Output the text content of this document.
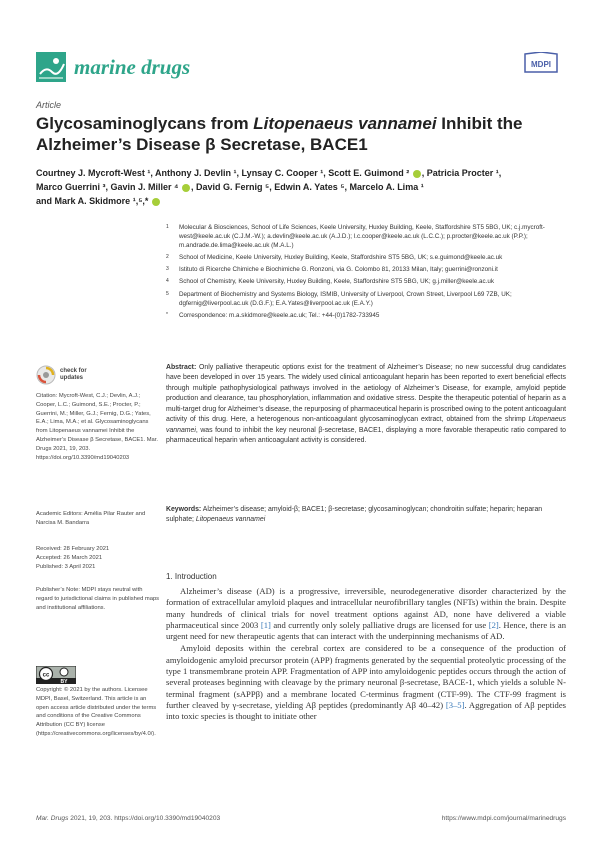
marine drugs	MDPI
Article
Glycosaminoglycans from Litopenaeus vannamei Inhibit the Alzheimer’s Disease β Secretase, BACE1
Courtney J. Mycroft-West ¹, Anthony J. Devlin ¹, Lynsay C. Cooper ¹, Scott E. Guimond ² , Patricia Procter ¹,
Marco Guerrini ³, Gavin J. Miller ⁴ , David G. Fernig ⁵, Edwin A. Yates ⁵, Marcelo A. Lima ¹
and Mark A. Skidmore ¹,⁵,*
1	Molecular & Biosciences, School of Life Sciences, Keele University, Huxley Building, Keele, Staffordshire ST5 5BG, UK; c.j.mycroft-west@keele.ac.uk (C.J.M.-W.); a.devlin@keele.ac.uk (A.J.D.); l.c.cooper@keele.ac.uk (L.C.C.); p.procter@keele.ac.uk (P.P.); m.andrade.de.lima@keele.ac.uk (M.A.L.)
2	School of Medicine, Keele University, Huxley Building, Keele, Staffordshire ST5 5BG, UK; s.e.guimond@keele.ac.uk
3	Istituto di Ricerche Chimiche e Biochimiche G. Ronzoni, via G. Colombo 81, 20133 Milan, Italy; guerrini@ronzoni.it
4	School of Chemistry, Keele University, Huxley Building, Keele, Staffordshire ST5 5BG, UK; g.j.miller@keele.ac.uk
5	Department of Biochemistry and Systems Biology, ISMIB, University of Liverpool, Crown Street, Liverpool L69 7ZB, UK; dgfernig@liverpool.ac.uk (D.G.F.); E.A.Yates@liverpool.ac.uk (E.A.Y.)
*	Correspondence: m.a.skidmore@keele.ac.uk; Tel.: +44-(0)1782-733945
check for
updates
Citation: Mycroft-West, C.J.; Devlin, A.J.; Cooper, L.C.; Guimond, S.E.; Procter, P.; Guerrini, M.; Miller, G.J.; Fernig, D.G.; Yates, E.A.; Lima, M.A.; et al. Glycosaminoglycans from Litopenaeus vannamei Inhibit the Alzheimer’s Disease β Secretase, BACE1. Mar. Drugs 2021, 19, 203. https://doi.org/10.3390/md19040203
Academic Editors: Amélia Pilar Rauter and Narcisa M. Bandarra
Received: 28 February 2021
Accepted: 26 March 2021
Published: 3 April 2021
Publisher’s Note: MDPI stays neutral with regard to jurisdictional claims in published maps and institutional affiliations.
cc
BY
Copyright: © 2021 by the authors. Licensee MDPI, Basel, Switzerland. This article is an open access article distributed under the terms and conditions of the Creative Commons Attribution (CC BY) license (https://creativecommons.org/licenses/by/4.0/).
Abstract: Only palliative therapeutic options exist for the treatment of Alzheimer’s Disease; no new successful drug candidates have been developed in over 15 years. The widely used clinical anticoagulant heparin has been reported to exert beneficial effects through multiple pathophysiological pathways involved in the aetiology of Alzheimer’s Disease, for example, amyloid peptide production and clearance, tau phosphorylation, inflammation and oxidative stress. Despite the therapeutic potential of heparin as a multi-target drug for Alzheimer’s disease, the repurposing of pharmaceutical heparin is proscribed owing to the potent anticoagulant activity of this drug. Here, a heterogenous non-anticoagulant glycosaminoglycan extract, obtained from the shrimp Litopenaeus vannamei, was found to inhibit the key neuronal β-secretase, BACE1, displaying a more favorable therapeutic ratio compared to pharmaceutical heparin when anticoagulant activity is considered.
Keywords: Alzheimer’s disease; amyloid-β; BACE1; β-secretase; glycosaminoglycan; chondroitin sulfate; heparin; heparan sulphate; Litopenaeus vannamei
1. Introduction

Alzheimer’s disease (AD) is a progressive, irreversible, neurodegenerative disorder characterized by the formation of extracellular amyloid plaques and intracellular neurofibrillary tangles (NFTs) within the brain. Despite many hundreds of clinical trials for novel treatment options against AD, none have delivered a viable pharmaceutical since 2003 [1] and currently only solely palliative drugs are licensed for use [2]. Hence, there is an urgent need for new therapeutic agents that can interact with the underpinning mechanisms of AD.

Amyloid deposits within the cerebral cortex are considered to be a consequence of the production of amyloidogenic amyloid precursor protein (APP) fragments generated by the sequential proteolytic processing of the type 1 transmembrane protein APP. Fragmentation of APP into amyloidogenic peptides occurs through the action of several proteases beginning with cleavage by the primary neuronal β-secretase, BACE-1, which yields a soluble N-terminal fragment (sAPPβ) and a membrane located C-terminus fragment (CTF-99). The CTF-99 fragment is further cleaved by γ-secretase, yielding Aβ peptides (predominantly Aβ 40–42) [3–5]. Aggregation of Aβ peptides into toxic species is thought to initiate other

Mar. Drugs 2021, 19, 203. https://doi.org/10.3390/md19040203	https://www.mdpi.com/journal/marinedrugs
